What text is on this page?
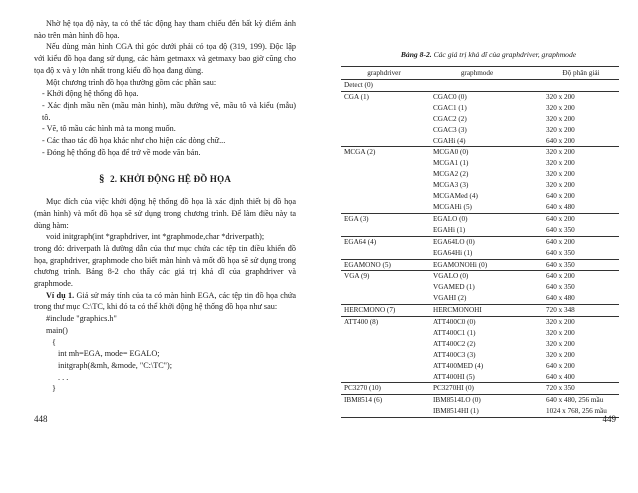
Nhờ hệ tọa độ này, ta có thể tác động hay tham chiếu đến bất kỳ điểm ảnh nào trên màn hình đồ họa.

Nếu dùng màn hình CGA thì góc dưới phải có tọa độ (319, 199). Độc lập với kiểu đồ họa đang sử dụng, các hàm getmaxx và getmaxy bao giờ cũng cho tọa độ x và y lớn nhất trong kiểu đồ họa đang dùng.

Một chương trình đồ họa thường gồm các phần sau:

- Khởi động hệ thống đồ họa.

- Xác định mầu nền (mầu màn hình), mầu đường vẽ, mầu tô và kiểu (mẫu) tô.

- Vẽ, tô mầu các hình mà ta mong muốn.

- Các thao tác đồ họa khác như cho hiện các dòng chữ...

- Đóng hệ thống đồ họa để trở về mode văn bản.

§ 2. KHỞI ĐỘNG HỆ ĐỒ HỌA

Mục đích của việc khởi động hệ thống đồ họa là xác định thiết bị đồ họa (màn hình) và mốt đồ họa sẽ sử dụng trong chương trình. Để làm điều này ta dùng hàm:

void initgraph(int *graphdriver, int *graphmode,char *driverpath);

trong đó: driverpath là đường dẫn của thư mục chứa các tệp tin điều khiển đồ họa, graphdriver, graphmode cho biết màn hình và mốt đồ họa sẽ sử dụng trong chương trình. Bảng 8-2 cho thấy các giá trị khả dĩ của graphdriver và graphmode.

Ví dụ 1. Giả sử máy tính của ta có màn hình EGA, các tệp tin đồ họa chứa trong thư mục C:\TC, khi đó ta có thể khởi động hệ thống đồ họa như sau:

#include "graphics.h"

main()

{

int mh=EGA, mode= EGALO;

initgraph(&mh, &mode, "C:\TC");

. . .

}

448
Bảng 8-2. Các giá trị khả dĩ của graphdriver, graphmode
graphdriver	graphmode	Độ phân giải
Detect (0)		
CGA (1)	CGAC0 (0)	320 x 200
	CGAC1 (1)	320 x 200
	CGAC2 (2)	320 x 200
	CGAC3 (3)	320 x 200
	CGAHi (4)	640 x 200
MCGA (2)	MCGA0 (0)	320 x 200
	MCGA1 (1)	320 x 200
	MCGA2 (2)	320 x 200
	MCGA3 (3)	320 x 200
	MCGAMed (4)	640 x 200
	MCGAHi (5)	640 x 480
EGA (3)	EGALO (0)	640 x 200
	EGAHi (1)	640 x 350
EGA64 (4)	EGA64LO (0)	640 x 200
	EGA64Hi (1)	640 x 350
EGAMONO (5)	EGAMONOHi (0)	640 x 350
VGA (9)	VGALO (0)	640 x 200
	VGAMED (1)	640 x 350
	VGAHI (2)	640 x 480
HERCMONO (7)	HERCMONOHI	720 x 348
ATT400 (8)	ATT400C0 (0)	320 x 200
	ATT400C1 (1)	320 x 200
	ATT400C2 (2)	320 x 200
	ATT400C3 (3)	320 x 200
	ATT400MED (4)	640 x 200
	ATT400HI (5)	640 x 400
PC3270 (10)	PC3270HI (0)	720 x 350
IBM8514 (6)	IBM8514LO (0)	640 x 480, 256 mầu
	IBM8514HI (1)	1024 x 768, 256 mầu
449
